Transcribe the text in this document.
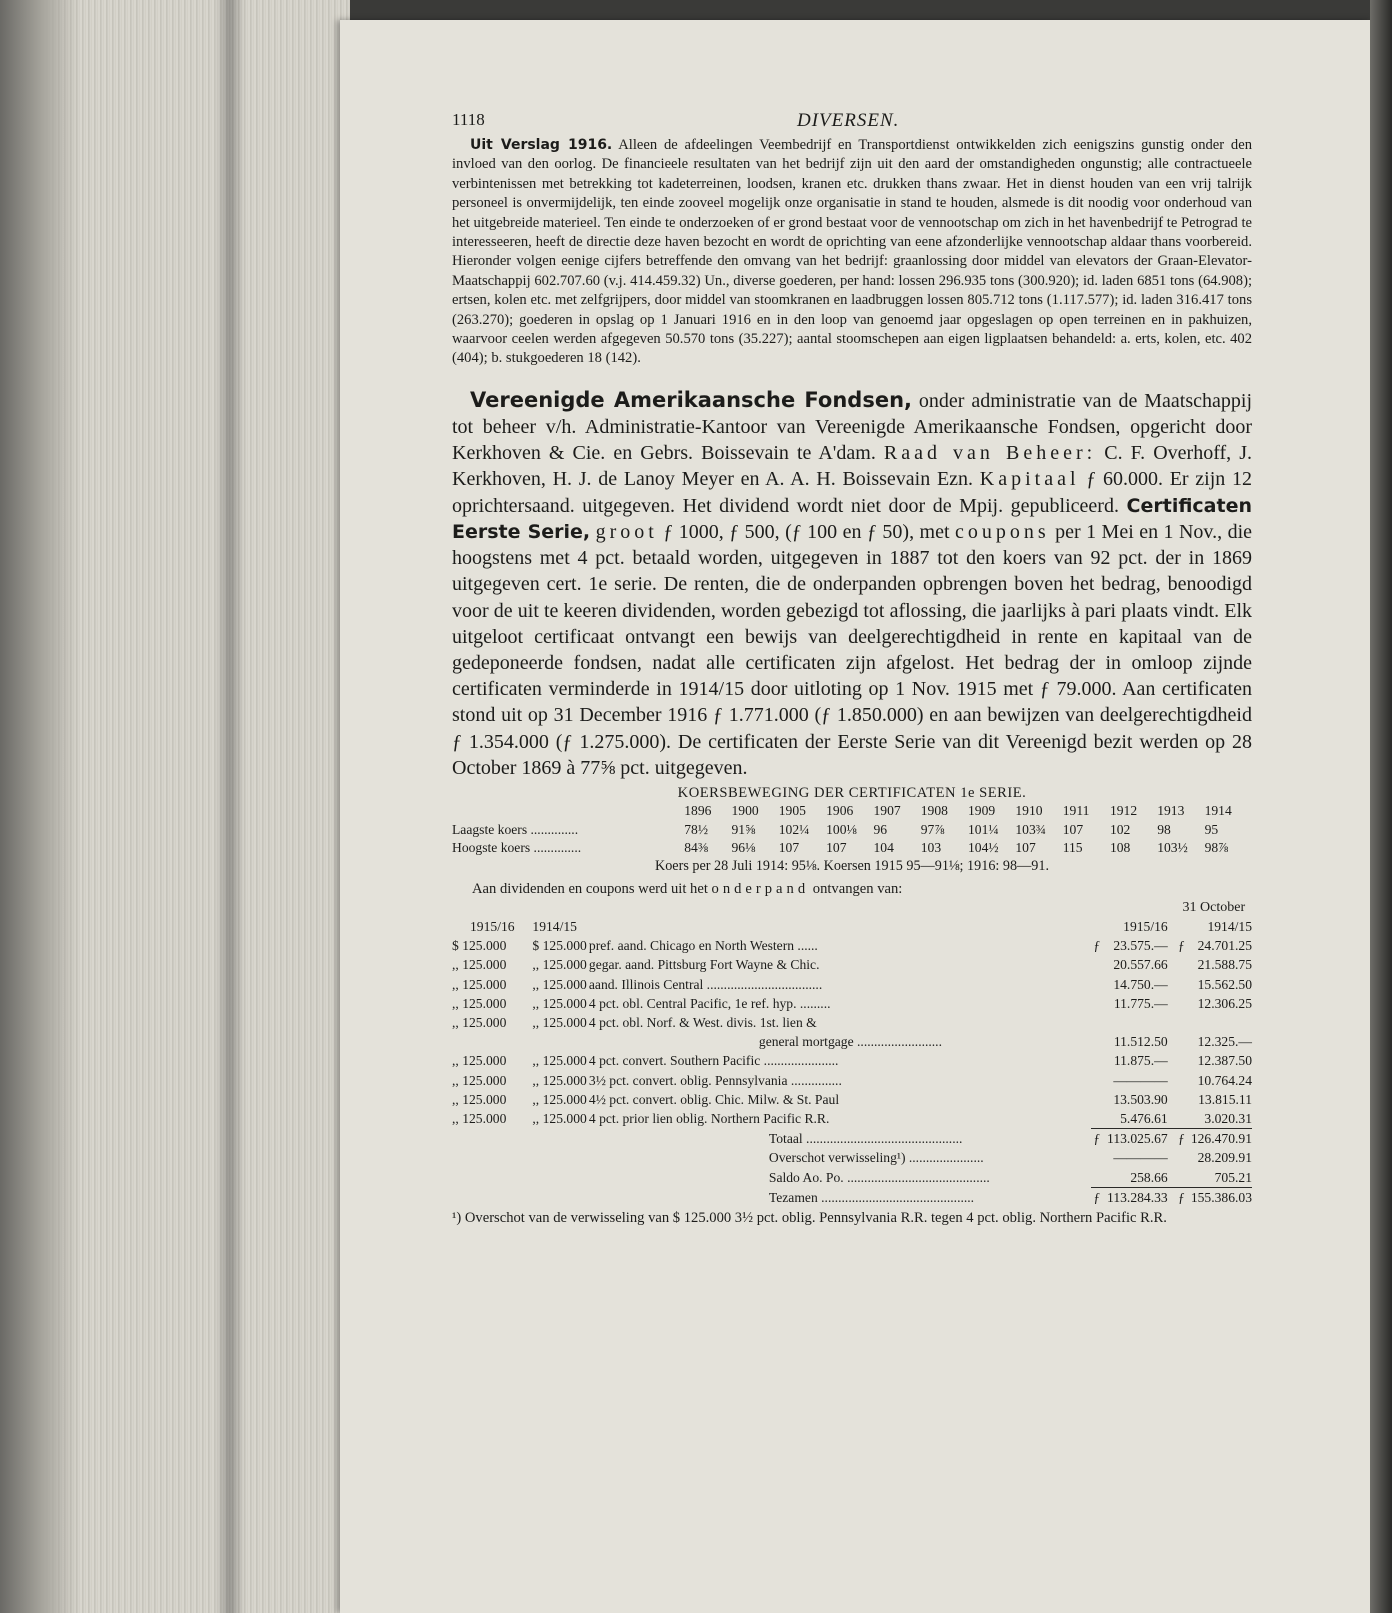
1118	DIVERSEN.

Uit Verslag 1916. Alleen de afdeelingen Veembedrijf en Transportdienst ontwikkelden zich eenigszins gunstig onder den invloed van den oorlog. De financieele resultaten van het bedrijf zijn uit den aard der omstandigheden ongunstig; alle contractueele verbintenissen met betrekking tot kadeterreinen, loodsen, kranen etc. drukken thans zwaar. Het in dienst houden van een vrij talrijk personeel is onvermijdelijk, ten einde zooveel mogelijk onze organisatie in stand te houden, alsmede is dit noodig voor onderhoud van het uitgebreide materieel. Ten einde te onderzoeken of er grond bestaat voor de vennootschap om zich in het havenbedrijf te Petrograd te interesseeren, heeft de directie deze haven bezocht en wordt de oprichting van eene afzonderlijke vennootschap aldaar thans voorbereid. Hieronder volgen eenige cijfers betreffende den omvang van het bedrijf: graanlossing door middel van elevators der Graan-Elevator-Maatschappij 602.707.60 (v.j. 414.459.32) Un., diverse goederen, per hand: lossen 296.935 tons (300.920); id. laden 6851 tons (64.908); ertsen, kolen etc. met zelfgrijpers, door middel van stoomkranen en laadbruggen lossen 805.712 tons (1.117.577); id. laden 316.417 tons (263.270); goederen in opslag op 1 Januari 1916 en in den loop van genoemd jaar opgeslagen op open terreinen en in pakhuizen, waarvoor ceelen werden afgegeven 50.570 tons (35.227); aantal stoomschepen aan eigen ligplaatsen behandeld: a. erts, kolen, etc. 402 (404); b. stukgoederen 18 (142).

Vereenigde Amerikaansche Fondsen, onder administratie van de Maatschappij tot beheer v/h. Administratie-Kantoor van Vereenigde Amerikaansche Fondsen, opgericht door Kerkhoven & Cie. en Gebrs. Boissevain te A'dam. Raad van Beheer: C. F. Overhoff, J. Kerkhoven, H. J. de Lanoy Meyer en A. A. H. Boissevain Ezn. Kapitaal ƒ 60.000. Er zijn 12 oprichtersaand. uitgegeven. Het dividend wordt niet door de Mpij. gepubliceerd. Certificaten Eerste Serie, groot ƒ 1000, ƒ 500, (ƒ 100 en ƒ 50), met coupons per 1 Mei en 1 Nov., die hoogstens met 4 pct. betaald worden, uitgegeven in 1887 tot den koers van 92 pct. der in 1869 uitgegeven cert. 1e serie. De renten, die de onderpanden opbrengen boven het bedrag, benoodigd voor de uit te keeren dividenden, worden gebezigd tot aflossing, die jaarlijks à pari plaats vindt. Elk uitgeloot certificaat ontvangt een bewijs van deelgerechtigdheid in rente en kapitaal van de gedeponeerde fondsen, nadat alle certificaten zijn afgelost. Het bedrag der in omloop zijnde certificaten verminderde in 1914/15 door uitloting op 1 Nov. 1915 met ƒ 79.000. Aan certificaten stond uit op 31 December 1916 ƒ 1.771.000 (ƒ 1.850.000) en aan bewijzen van deelgerechtigdheid ƒ 1.354.000 (ƒ 1.275.000). De certificaten der Eerste Serie van dit Vereenigd bezit werden op 28 October 1869 à 77⅝ pct. uitgegeven.

KOERSBEWEGING DER CERTIFICATEN 1e SERIE.
	1896	1900	1905	1906	1907	1908	1909	1910	1911	1912	1913	1914
Laagste koers ..............	78½	91⅝	102¼	100⅛	96	97⅞	101¼	103¾	107	102	98	95
Hoogste koers ..............	84⅜	96⅛	107	107	104	103	104½	107	115	108	103½	98⅞
Koers per 28 Juli 1914: 95⅛. Koersen 1915 95—91⅛; 1916: 98—91.
Aan dividenden en coupons werd uit het onderpand ontvangen van:
					31 October	
1915/16	1914/15			1915/16		1914/15
$ 125.000	$ 125.000	pref. aand. Chicago en North Western ......	ƒ	23.575.—	ƒ	24.701.25
,, 125.000	,, 125.000	gegar. aand. Pittsburg Fort Wayne & Chic.		20.557.66		21.588.75
,, 125.000	,, 125.000	aand. Illinois Central ..................................		14.750.—		15.562.50
,, 125.000	,, 125.000	4 pct. obl. Central Pacific, 1e ref. hyp. .........		11.775.—		12.306.25
,, 125.000	,, 125.000	4 pct. obl. Norf. & West. divis. 1st. lien &				
		general mortgage .........................		11.512.50		12.325.—
,, 125.000	,, 125.000	4 pct. convert. Southern Pacific ......................		11.875.—		12.387.50
,, 125.000	,, 125.000	3½ pct. convert. oblig. Pennsylvania ...............		————		10.764.24
,, 125.000	,, 125.000	4½ pct. convert. oblig. Chic. Milw. & St. Paul		13.503.90		13.815.11
,, 125.000	,, 125.000	4 pct. prior lien oblig. Northern Pacific R.R.		5.476.61		3.020.31
		Totaal ..............................................	ƒ	113.025.67	ƒ	126.470.91
		Overschot verwisseling¹) ......................		————		28.209.91
		Saldo Ao. Po. ..........................................		258.66		705.21
		Tezamen .............................................	ƒ	113.284.33	ƒ	155.386.03

¹) Overschot van de verwisseling van $ 125.000 3½ pct. oblig. Pennsylvania R.R. tegen 4 pct. oblig. Northern Pacific R.R.
